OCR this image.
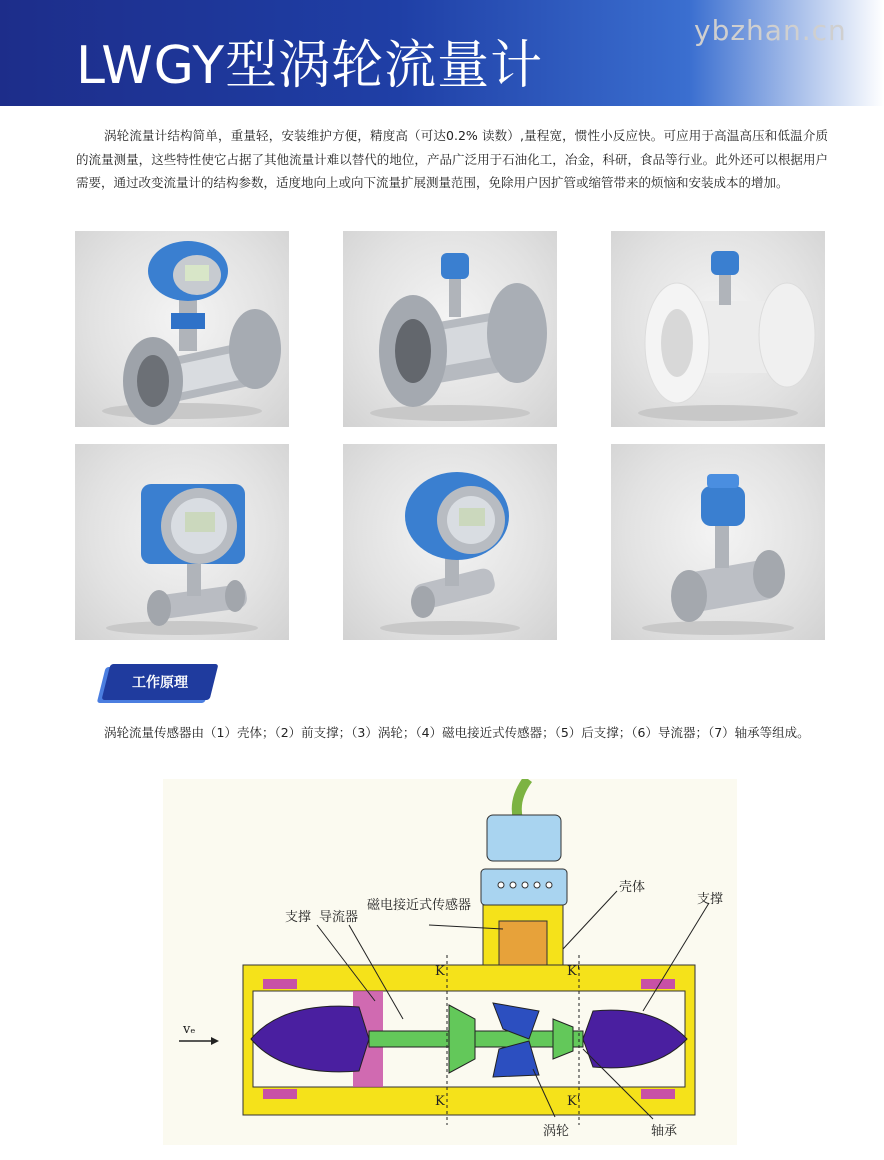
LWGY型涡轮流量计
ybzhan.cn
涡轮流量计结构简单，重量轻，安装维护方便，精度高（可达0.2% 读数）,量程宽，惯性小反应快。可应用于高温高压和低温介质的流量测量，这些特性使它占据了其他流量计难以替代的地位，产品广泛用于石油化工，冶金，科研，食品等行业。此外还可以根据用户需要，通过改变流量计的结构参数，适度地向上或向下流量扩展测量范围，免除用户因扩管或缩管带来的烦恼和安装成本的增加。
工作原理
涡轮流量传感器由（1）壳体；（2）前支撑；（3）涡轮；（4）磁电接近式传感器；（5）后支撑；（6）导流器；（7）轴承等组成。
支撑 导流器
磁电接近式传感器
壳体
支撑
涡轮	轴承
vₑ
K	K'
K	K'
